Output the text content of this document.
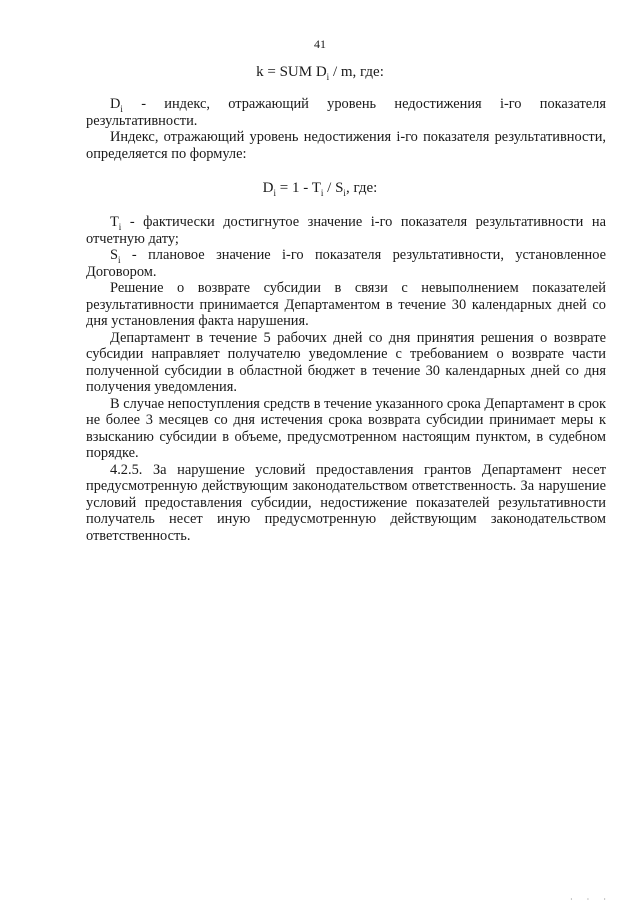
41
k = SUM $D_i$ / m, где:

$D_i$ - индекс, отражающий уровень недостижения i-го показателя результативности.

Индекс, отражающий уровень недостижения i-го показателя результативности, определяется по формуле:

$D_i = 1 - T_i / S_i$, где:

$T_i$ - фактически достигнутое значение i-го показателя результативности на отчетную дату;

$S_i$ - плановое значение i-го показателя результативности, установленное Договором.

Решение о возврате субсидии в связи с невыполнением показателей результативности принимается Департаментом в течение 30 календарных дней со дня установления факта нарушения.

Департамент в течение 5 рабочих дней со дня принятия решения о возврате субсидии направляет получателю уведомление с требованием о возврате части полученной субсидии в областной бюджет в течение 30 календарных дней со дня получения уведомления.

В случае непоступления средств в течение указанного срока Департамент в срок не более 3 месяцев со дня истечения срока возврата субсидии принимает меры к взысканию субсидии в объеме, предусмотренном настоящим пунктом, в судебном порядке.

4.2.5. За нарушение условий предоставления грантов Департамент несет предусмотренную действующим законодательством ответственность. За нарушение условий предоставления субсидии, недостижение показателей результативности получатель несет иную предусмотренную действующим законодательством ответственность.

· · ·
